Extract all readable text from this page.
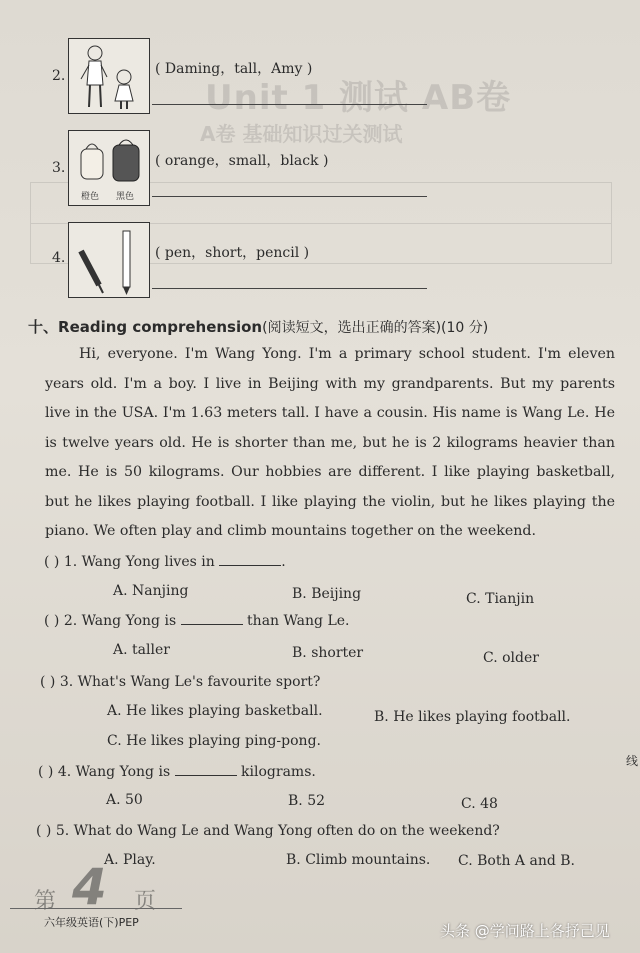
Unit 1 测试 AB卷
A卷 基础知识过关测试
2.	( Daming，tall，Amy )
3.
橙色 黑色
( orange，small，black )
4.	( pen，short，pencil )
十、Reading comprehension(阅读短文，选出正确的答案)(10 分)

Hi, everyone. I'm Wang Yong. I'm a primary school student. I'm eleven years old. I'm a boy. I live in Beijing with my grandparents. But my parents live in the USA. I'm 1.63 meters tall. I have a cousin. His name is Wang Le. He is twelve years old. He is shorter than me, but he is 2 kilograms heavier than me. He is 50 kilograms. Our hobbies are different. I like playing basketball, but he likes playing football. I like playing the violin, but he likes playing the piano. We often play and climb mountains together on the weekend.

( ) 1. Wang Yong lives in	.
A. Nanjing	B. Beijing	C. Tianjin
( ) 2. Wang Yong is	than Wang Le.
A. taller	B. shorter	C. older
( ) 3. What's Wang Le's favourite sport?
A. He likes playing basketball.	B. He likes playing football.
C. He likes playing ping-pong.
( ) 4. Wang Yong is	kilograms.
A. 50	B. 52	C. 48
( ) 5. What do Wang Le and Wang Yong often do on the weekend?
A. Play.	B. Climb mountains. C. Both A and B.
第 4 页
六年级英语(下)PEP
线
头条 @学问路上各抒己见
